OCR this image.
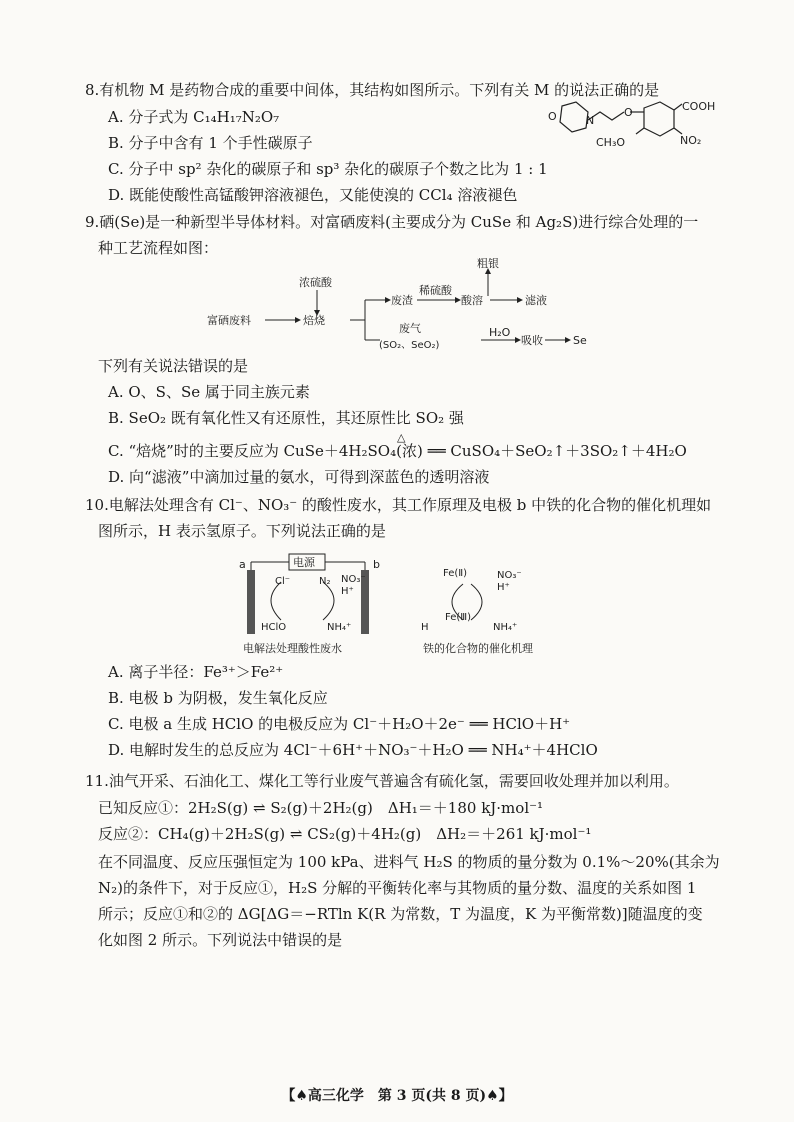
8.有机物 M 是药物合成的重要中间体，其结构如图所示。下列有关 M 的说法正确的是
A. 分子式为 C₁₄H₁₇N₂O₇
B. 分子中含有 1 个手性碳原子
C. 分子中 sp² 杂化的碳原子和 sp³ 杂化的碳原子个数之比为 1 : 1
D. 既能使酸性高锰酸钾溶液褪色，又能使溴的 CCl₄ 溶液褪色
O	N
O	COOH
CH₃O	NO₂
9.硒(Se)是一种新型半导体材料。对富硒废料(主要成分为 CuSe 和 Ag₂S)进行综合处理的一
种工艺流程如图：
富硒废料	焙烧
浓硫酸
废渣
稀硫酸
酸溶
粗银
滤液
废气
(SO₂、SeO₂)
H₂O
吸收	Se
下列有关说法错误的是
A. O、S、Se 属于同主族元素
B. SeO₂ 既有氧化性又有还原性，其还原性比 SO₂ 强
△
C. “焙烧”时的主要反应为 CuSe＋4H₂SO₄(浓) ══ CuSO₄＋SeO₂↑＋3SO₂↑＋4H₂O
D. 向“滤液”中滴加过量的氨水，可得到深蓝色的透明溶液
10.电解法处理含有 Cl⁻、NO₃⁻ 的酸性废水，其工作原理及电极 b 中铁的化合物的催化机理如
图所示，H 表示氢原子。下列说法正确的是
a	b
电源
Cl⁻	N₂ NO₃⁻
H⁺
HClO	NH₄⁺
电解法处理酸性废水
Fe(Ⅱ)
Fe(Ⅲ)
H
NO₃⁻
H⁺
NH₄⁺
铁的化合物的催化机理
A. 离子半径：Fe³⁺＞Fe²⁺
B. 电极 b 为阴极，发生氧化反应
C. 电极 a 生成 HClO 的电极反应为 Cl⁻＋H₂O＋2e⁻ ══ HClO＋H⁺
D. 电解时发生的总反应为 4Cl⁻＋6H⁺＋NO₃⁻＋H₂O ══ NH₄⁺＋4HClO
11.油气开采、石油化工、煤化工等行业废气普遍含有硫化氢，需要回收处理并加以利用。
已知反应①：2H₂S(g) ⇌ S₂(g)＋2H₂(g)　ΔH₁＝＋180 kJ·mol⁻¹
反应②：CH₄(g)＋2H₂S(g) ⇌ CS₂(g)＋4H₂(g)　ΔH₂＝＋261 kJ·mol⁻¹
在不同温度、反应压强恒定为 100 kPa、进料气 H₂S 的物质的量分数为 0.1%～20%(其余为
N₂)的条件下，对于反应①，H₂S 分解的平衡转化率与其物质的量分数、温度的关系如图 1
所示；反应①和②的 ΔG[ΔG＝−RTln K(R 为常数，T 为温度，K 为平衡常数)]随温度的变
化如图 2 所示。下列说法中错误的是
【♠高三化学　第 3 页(共 8 页)♠】
